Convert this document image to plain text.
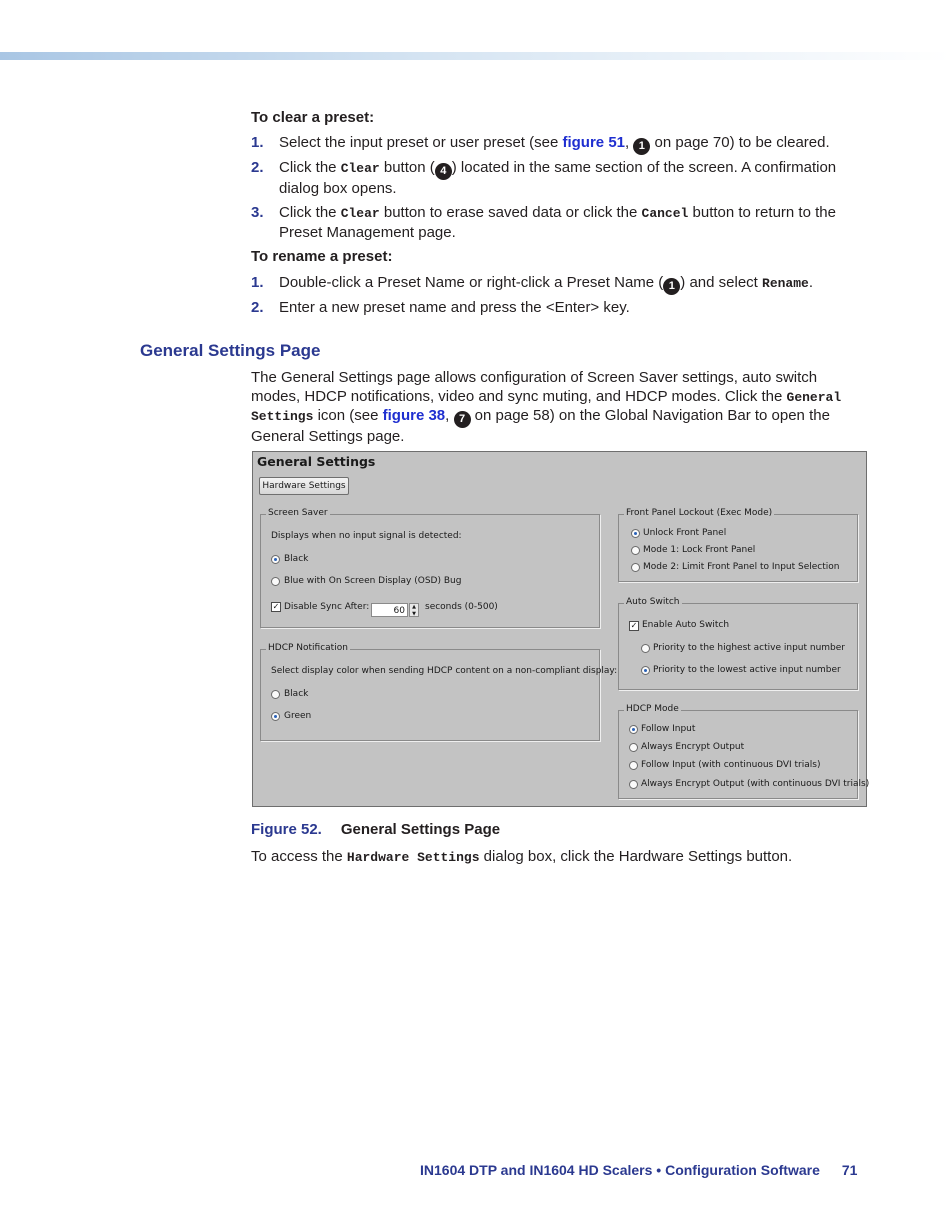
To clear a preset:
1. Select the input preset or user preset (see figure 51, 1 on page 70) to be cleared.
2. Click the Clear button ( 4 ) located in the same section of the screen. A confirmation
dialog box opens.
3. Click the Clear button to erase saved data or click the Cancel button to return to the
Preset Management page.
To rename a preset:
1. Double-click a Preset Name or right-click a Preset Name ( 1 ) and select Rename.
2. Enter a new preset name and press the <Enter> key.
General Settings Page
The General Settings page allows configuration of Screen Saver settings, auto switch
modes, HDCP notifications, video and sync muting, and HDCP modes. Click the General
Settings icon (see figure 38, 7 on page 58) on the Global Navigation Bar to open the
General Settings page.
General Settings
Hardware Settings
Screen Saver
Displays when no input signal is detected:
Black
Blue with On Screen Display (OSD) Bug
✓ Disable Sync After:	60	▲
▼
seconds (0-500)
HDCP Notification
Select display color when sending HDCP content on a non-compliant display:
Black
Green
Front Panel Lockout (Exec Mode)
Unlock Front Panel
Mode 1: Lock Front Panel
Mode 2: Limit Front Panel to Input Selection
Auto Switch
✓ Enable Auto Switch
Priority to the highest active input number
Priority to the lowest active input number
HDCP Mode
Follow Input
Always Encrypt Output
Follow Input (with continuous DVI trials)
Always Encrypt Output (with continuous DVI trials)
Figure 52. General Settings Page
To access the Hardware Settings dialog box, click the Hardware Settings button.
IN1604 DTP and IN1604 HD Scalers • Configuration Software 71
